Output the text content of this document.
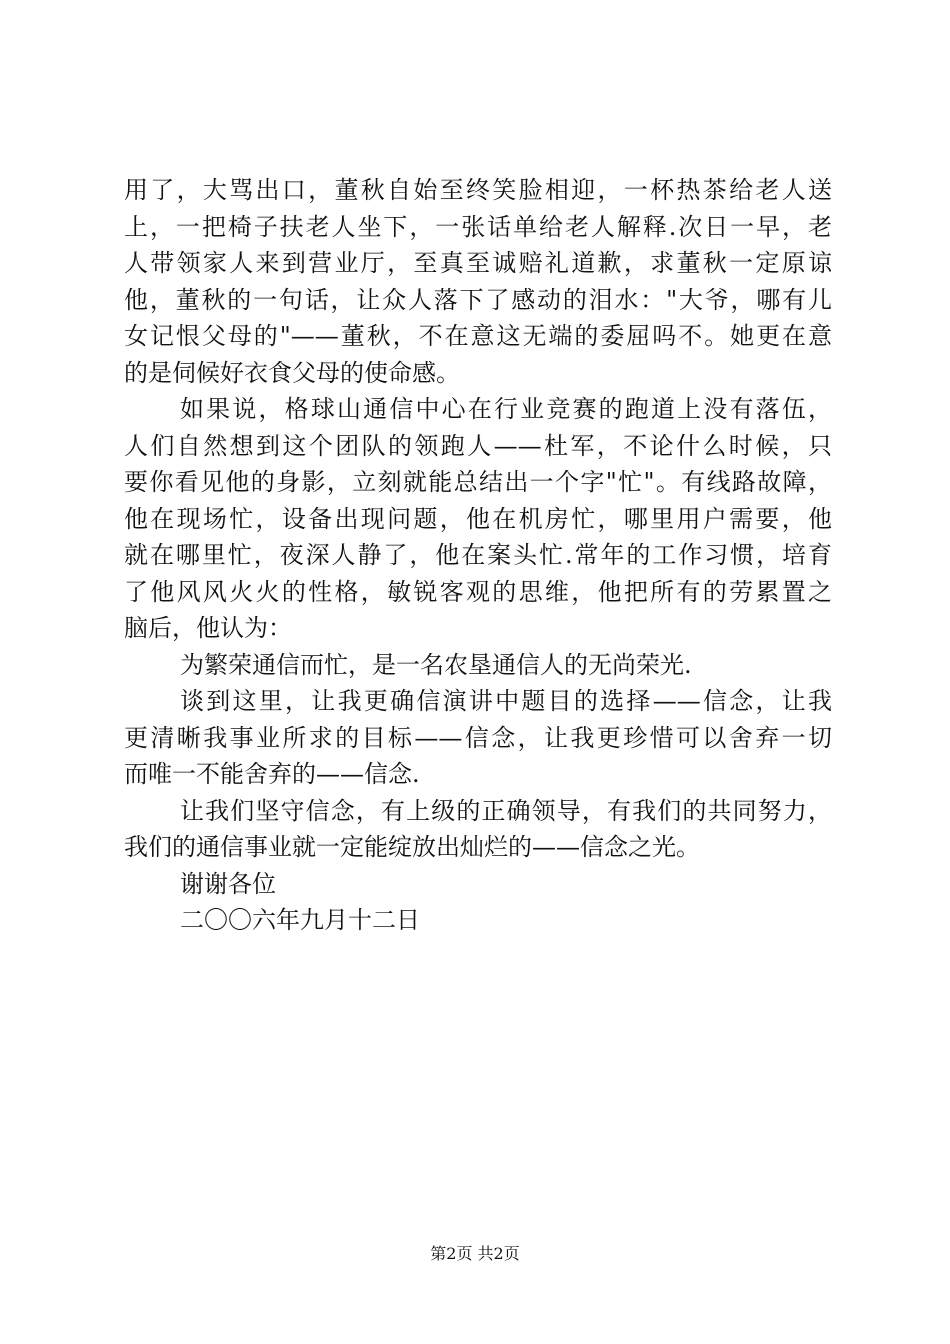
用了，大骂出口，董秋自始至终笑脸相迎，一杯热茶给老人送
上，一把椅子扶老人坐下，一张话单给老人解释.次日一早，老
人带领家人来到营业厅，至真至诚赔礼道歉，求董秋一定原谅
他，董秋的一句话，让众人落下了感动的泪水："大爷，哪有儿
女记恨父母的"——董秋，不在意这无端的委屈吗不。她更在意
的是伺候好衣食父母的使命感。
如果说，格球山通信中心在行业竞赛的跑道上没有落伍，
人们自然想到这个团队的领跑人——杜军，不论什么时候，只
要你看见他的身影，立刻就能总结出一个字"忙"。有线路故障，
他在现场忙，设备出现问题，他在机房忙，哪里用户需要，他
就在哪里忙，夜深人静了，他在案头忙.常年的工作习惯，培育
了他风风火火的性格，敏锐客观的思维，他把所有的劳累置之
脑后，他认为：
为繁荣通信而忙，是一名农垦通信人的无尚荣光.
谈到这里，让我更确信演讲中题目的选择——信念，让我
更清晰我事业所求的目标——信念，让我更珍惜可以舍弃一切
而唯一不能舍弃的——信念.
让我们坚守信念，有上级的正确领导，有我们的共同努力，
我们的通信事业就一定能绽放出灿烂的——信念之光。
谢谢各位
二〇〇六年九月十二日
第2页 共2页
